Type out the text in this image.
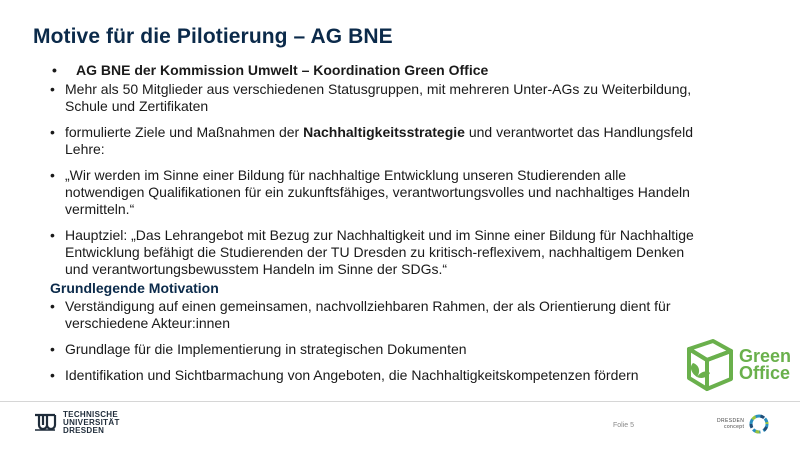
Motive für die Pilotierung – AG BNE

• AG BNE der Kommission Umwelt – Koordination Green Office

• Mehr als 50 Mitglieder aus verschiedenen Statusgruppen, mit mehreren Unter-AGs zu Weiterbildung, Schule und Zertifikaten

• formulierte Ziele und Maßnahmen der Nachhaltigkeitsstrategie und verantwortet das Handlungsfeld Lehre:

• „Wir werden im Sinne einer Bildung für nachhaltige Entwicklung unseren Studierenden alle notwendigen Qualifikationen für ein zukunftsfähiges, verantwortungsvolles und nachhaltiges Handeln vermitteln.“

• Hauptziel: „Das Lehrangebot mit Bezug zur Nachhaltigkeit und im Sinne einer Bildung für Nachhaltige Entwicklung befähigt die Studierenden der TU Dresden zu kritisch-reflexivem, nachhaltigem Denken und verantwortungsbewusstem Handeln im Sinne der SDGs.“

Grundlegende Motivation

• Verständigung auf einen gemeinsamen, nachvollziehbaren Rahmen, der als Orientierung dient für verschiedene Akteur:innen

• Grundlage für die Implementierung in strategischen Dokumenten

• Identifikation und Sichtbarmachung von Angeboten, die Nachhaltigkeitskompetenzen fördern

Green
Office
TECHNISCHE
UNIVERSITÄT
DRESDEN
Folie 5
DRESDEN
concept
